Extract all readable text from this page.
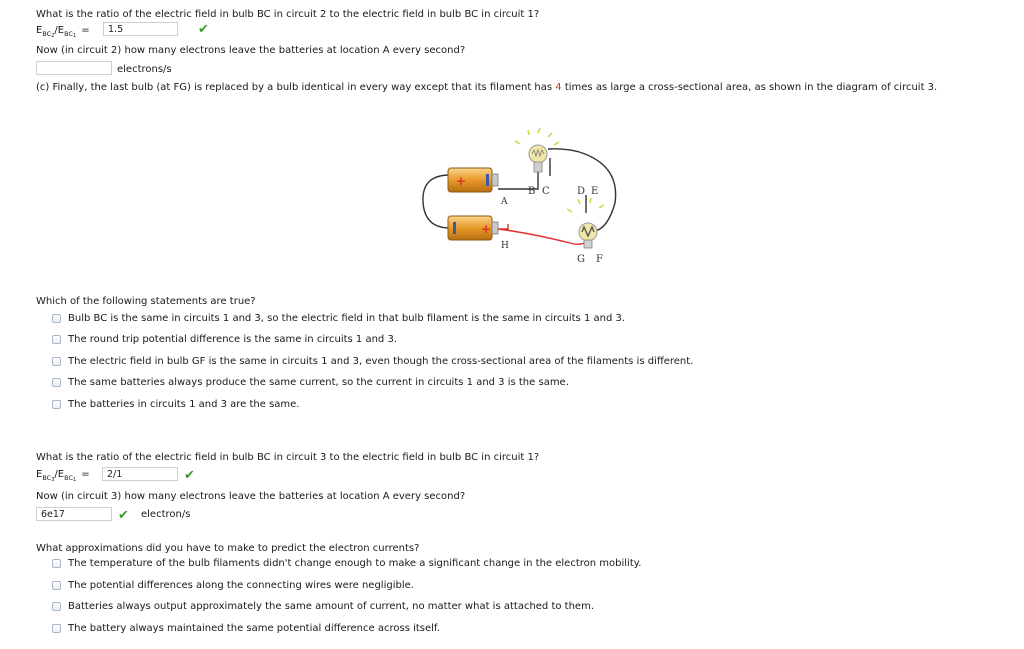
What is the ratio of the electric field in bulb BC in circuit 2 to the electric field in bulb BC in circuit 1?
E BC 2 / E BC 1 =	1.5	✔
Now (in circuit 2) how many electrons leave the batteries at location A every second?
electrons/s
(c) Finally, the last bulb (at FG) is replaced by a bulb identical in every way except that its filament has 4 times as large a cross-sectional area, as shown in the diagram of circuit 3.
+
+
B C	D E
A
H
G F
Which of the following statements are true?
Bulb BC is the same in circuits 1 and 3, so the electric field in that bulb filament is the same in circuits 1 and 3.
The round trip potential difference is the same in circuits 1 and 3.
The electric field in bulb GF is the same in circuits 1 and 3, even though the cross-sectional area of the filaments is different.
The same batteries always produce the same current, so the current in circuits 1 and 3 is the same.
The batteries in circuits 1 and 3 are the same.
What is the ratio of the electric field in bulb BC in circuit 3 to the electric field in bulb BC in circuit 1?
E BC 3 / E BC 1 =	2/1	✔
Now (in circuit 3) how many electrons leave the batteries at location A every second?
6e17	✔ electron/s
What approximations did you have to make to predict the electron currents?
The temperature of the bulb filaments didn't change enough to make a significant change in the electron mobility.
The potential differences along the connecting wires were negligible.
Batteries always output approximately the same amount of current, no matter what is attached to them.
The battery always maintained the same potential difference across itself.
